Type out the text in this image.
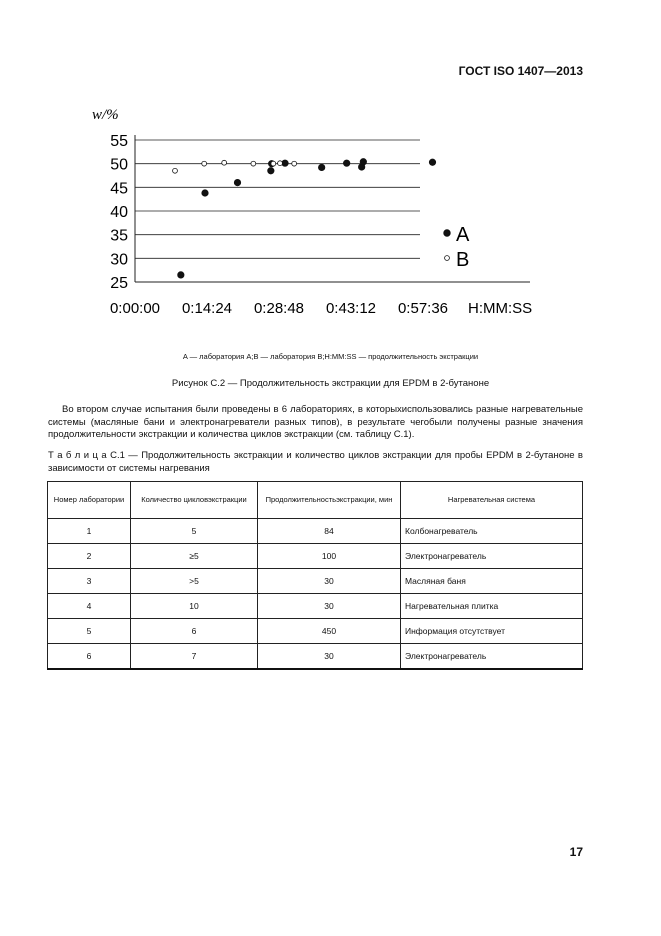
ГОСТ ISO 1407—2013
55
50
45
40
35
30
25
0:00:00 0:14:24 0:28:48 0:43:12 0:57:36
w/%
H:MM:SS
A
B
A — лаборатория A;B — лаборатория B;H:MM:SS — продолжительность экстракции
Рисунок C.2 — Продолжительность экстракции для EPDM в 2-бутаноне

Во втором случае испытания были проведены в 6 лабораториях, в которыхиспользовались разные нагревательные системы (масляные бани и электронагреватели разных типов), в результате чегобыли получены разные значения продолжительности экстракции и количества циклов экстракции (см. таблицу C.1).

Т а б л и ц а C.1 — Продолжительность экстракции и количество циклов экстракции для пробы EPDM в 2-бутаноне в зависимости от системы нагревания

Номер лаборатории	Количество цикловэкстракции	Продолжительностьэкстракции, мин	Нагревательная система
1	5	84	Колбонагреватель
2	≥5	100	Электронагреватель
3	>5	30	Масляная баня
4	10	30	Нагревательная плитка
5	6	450	Информация отсутствует
6	7	30	Электронагреватель
17
